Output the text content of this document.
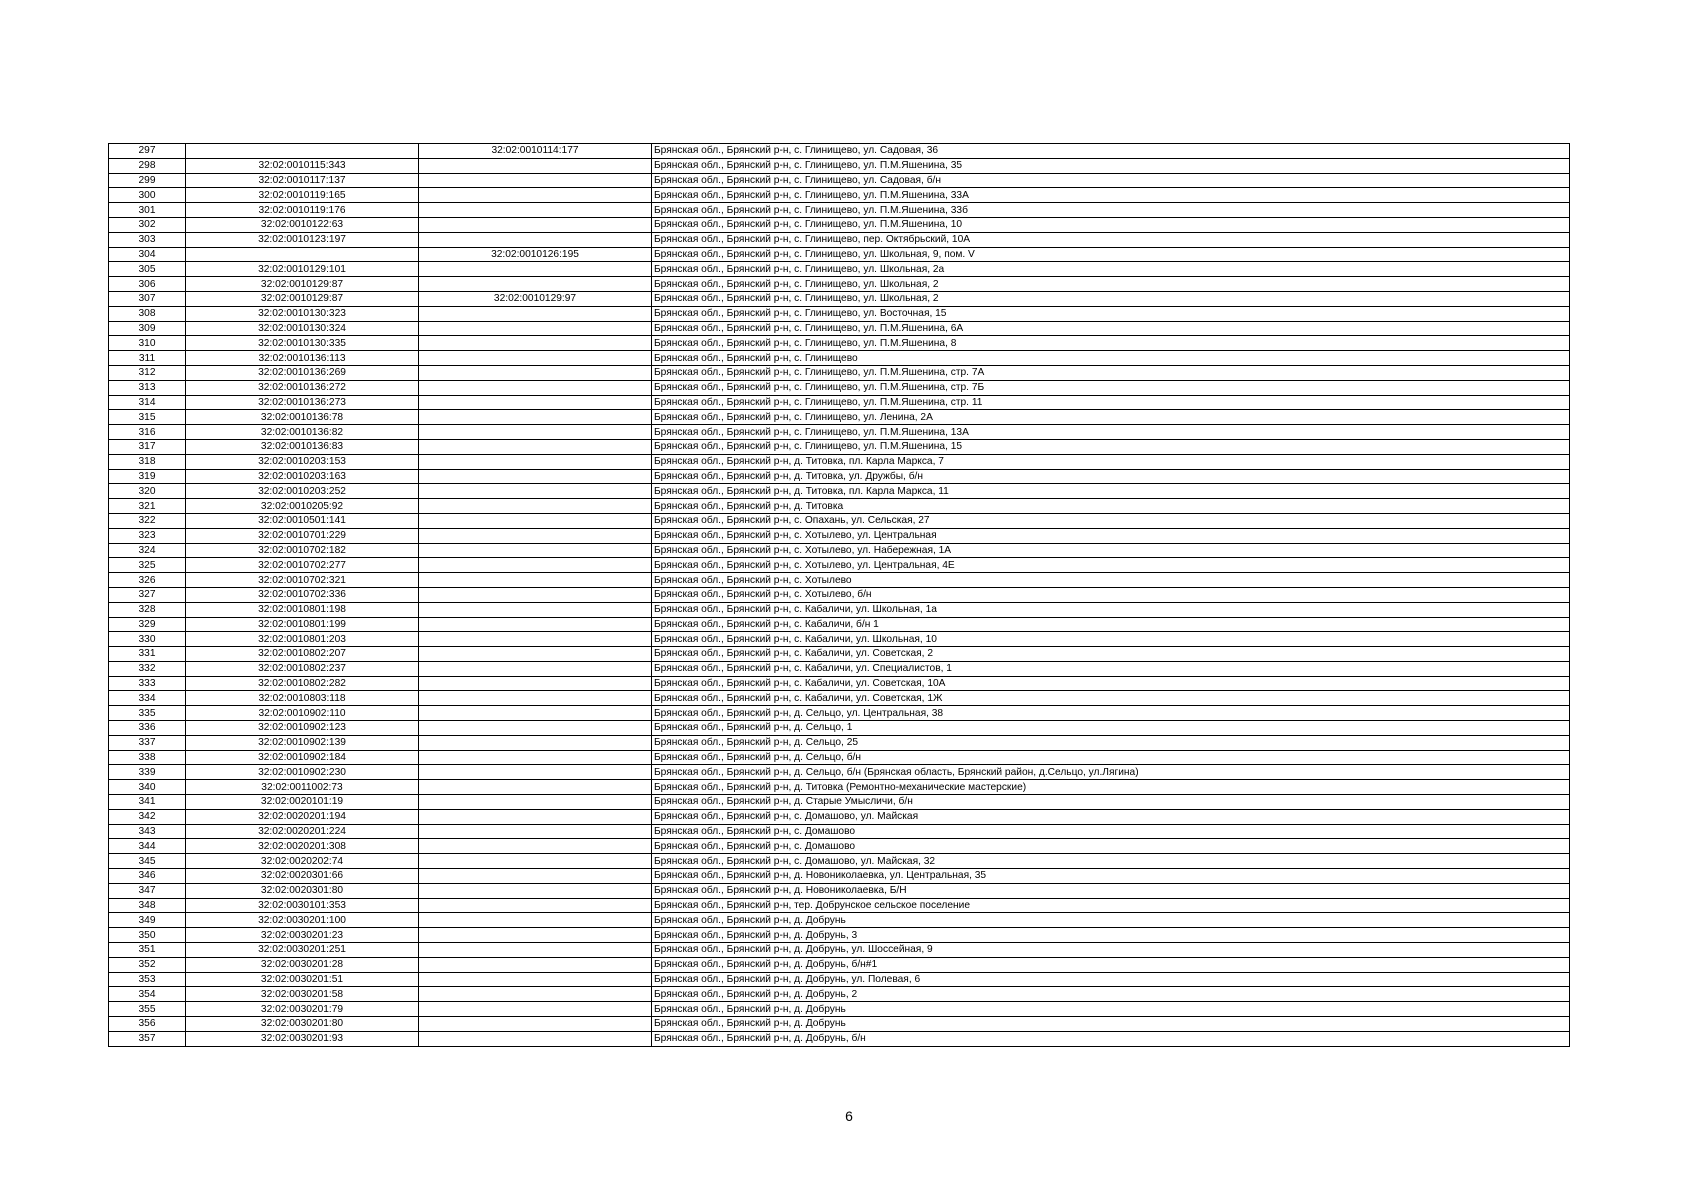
297		32:02:0010114:177	Брянская обл., Брянский р-н, с. Глинищево, ул. Садовая, 36
298	32:02:0010115:343		Брянская обл., Брянский р-н, с. Глинищево, ул. П.М.Яшенина, 35
299	32:02:0010117:137		Брянская обл., Брянский р-н, с. Глинищево, ул. Садовая, б/н
300	32:02:0010119:165		Брянская обл., Брянский р-н, с. Глинищево, ул. П.М.Яшенина, 33А
301	32:02:0010119:176		Брянская обл., Брянский р-н, с. Глинищево, ул. П.М.Яшенина, 33б
302	32:02:0010122:63		Брянская обл., Брянский р-н, с. Глинищево, ул. П.М.Яшенина, 10
303	32:02:0010123:197		Брянская обл., Брянский р-н, с. Глинищево, пер. Октябрьский, 10А
304		32:02:0010126:195	Брянская обл., Брянский р-н, с. Глинищево, ул. Школьная, 9, пом. V
305	32:02:0010129:101		Брянская обл., Брянский р-н, с. Глинищево, ул. Школьная, 2а
306	32:02:0010129:87		Брянская обл., Брянский р-н, с. Глинищево, ул. Школьная, 2
307	32:02:0010129:87	32:02:0010129:97	Брянская обл., Брянский р-н, с. Глинищево, ул. Школьная, 2
308	32:02:0010130:323		Брянская обл., Брянский р-н, с. Глинищево, ул. Восточная, 15
309	32:02:0010130:324		Брянская обл., Брянский р-н, с. Глинищево, ул. П.М.Яшенина, 6А
310	32:02:0010130:335		Брянская обл., Брянский р-н, с. Глинищево, ул. П.М.Яшенина, 8
311	32:02:0010136:113		Брянская обл., Брянский р-н, с. Глинищево
312	32:02:0010136:269		Брянская обл., Брянский р-н, с. Глинищево, ул. П.М.Яшенина, стр. 7А
313	32:02:0010136:272		Брянская обл., Брянский р-н, с. Глинищево, ул. П.М.Яшенина, стр. 7Б
314	32:02:0010136:273		Брянская обл., Брянский р-н, с. Глинищево, ул. П.М.Яшенина, стр. 11
315	32:02:0010136:78		Брянская обл., Брянский р-н, с. Глинищево, ул. Ленина, 2А
316	32:02:0010136:82		Брянская обл., Брянский р-н, с. Глинищево, ул. П.М.Яшенина, 13А
317	32:02:0010136:83		Брянская обл., Брянский р-н, с. Глинищево, ул. П.М.Яшенина, 15
318	32:02:0010203:153		Брянская обл., Брянский р-н, д. Титовка, пл. Карла Маркса, 7
319	32:02:0010203:163		Брянская обл., Брянский р-н, д. Титовка, ул. Дружбы, б/н
320	32:02:0010203:252		Брянская обл., Брянский р-н, д. Титовка, пл. Карла Маркса, 11
321	32:02:0010205:92		Брянская обл., Брянский р-н, д. Титовка
322	32:02:0010501:141		Брянская обл., Брянский р-н, с. Опахань, ул. Сельская, 27
323	32:02:0010701:229		Брянская обл., Брянский р-н, с. Хотылево, ул. Центральная
324	32:02:0010702:182		Брянская обл., Брянский р-н, с. Хотылево, ул. Набережная, 1А
325	32:02:0010702:277		Брянская обл., Брянский р-н, с. Хотылево, ул. Центральная, 4Е
326	32:02:0010702:321		Брянская обл., Брянский р-н, с. Хотылево
327	32:02:0010702:336		Брянская обл., Брянский р-н, с. Хотылево, б/н
328	32:02:0010801:198		Брянская обл., Брянский р-н, с. Кабаличи, ул. Школьная, 1а
329	32:02:0010801:199		Брянская обл., Брянский р-н, с. Кабаличи, б/н 1
330	32:02:0010801:203		Брянская обл., Брянский р-н, с. Кабаличи, ул. Школьная, 10
331	32:02:0010802:207		Брянская обл., Брянский р-н, с. Кабаличи, ул. Советская, 2
332	32:02:0010802:237		Брянская обл., Брянский р-н, с. Кабаличи, ул. Специалистов, 1
333	32:02:0010802:282		Брянская обл., Брянский р-н, с. Кабаличи, ул. Советская, 10А
334	32:02:0010803:118		Брянская обл., Брянский р-н, с. Кабаличи, ул. Советская, 1Ж
335	32:02:0010902:110		Брянская обл., Брянский р-н, д. Сельцо, ул. Центральная, 38
336	32:02:0010902:123		Брянская обл., Брянский р-н, д. Сельцо, 1
337	32:02:0010902:139		Брянская обл., Брянский р-н, д. Сельцо, 25
338	32:02:0010902:184		Брянская обл., Брянский р-н, д. Сельцо, б/н
339	32:02:0010902:230		Брянская обл., Брянский р-н, д. Сельцо, б/н (Брянская область, Брянский район, д.Сельцо, ул.Лягина)
340	32:02:0011002:73		Брянская обл., Брянский р-н, д. Титовка (Ремонтно-механические мастерские)
341	32:02:0020101:19		Брянская обл., Брянский р-н, д. Старые Умысличи, б/н
342	32:02:0020201:194		Брянская обл., Брянский р-н, с. Домашово, ул. Майская
343	32:02:0020201:224		Брянская обл., Брянский р-н, с. Домашово
344	32:02:0020201:308		Брянская обл., Брянский р-н, с. Домашово
345	32:02:0020202:74		Брянская обл., Брянский р-н, с. Домашово, ул. Майская, 32
346	32:02:0020301:66		Брянская обл., Брянский р-н, д. Новониколаевка, ул. Центральная, 35
347	32:02:0020301:80		Брянская обл., Брянский р-н, д. Новониколаевка, Б/Н
348	32:02:0030101:353		Брянская обл., Брянский р-н, тер. Добрунское сельское поселение
349	32:02:0030201:100		Брянская обл., Брянский р-н, д. Добрунь
350	32:02:0030201:23		Брянская обл., Брянский р-н, д. Добрунь, 3
351	32:02:0030201:251		Брянская обл., Брянский р-н, д. Добрунь, ул. Шоссейная, 9
352	32:02:0030201:28		Брянская обл., Брянский р-н, д. Добрунь, б/н#1
353	32:02:0030201:51		Брянская обл., Брянский р-н, д. Добрунь, ул. Полевая, 6
354	32:02:0030201:58		Брянская обл., Брянский р-н, д. Добрунь, 2
355	32:02:0030201:79		Брянская обл., Брянский р-н, д. Добрунь
356	32:02:0030201:80		Брянская обл., Брянский р-н, д. Добрунь
357	32:02:0030201:93		Брянская обл., Брянский р-н, д. Добрунь, б/н
6
